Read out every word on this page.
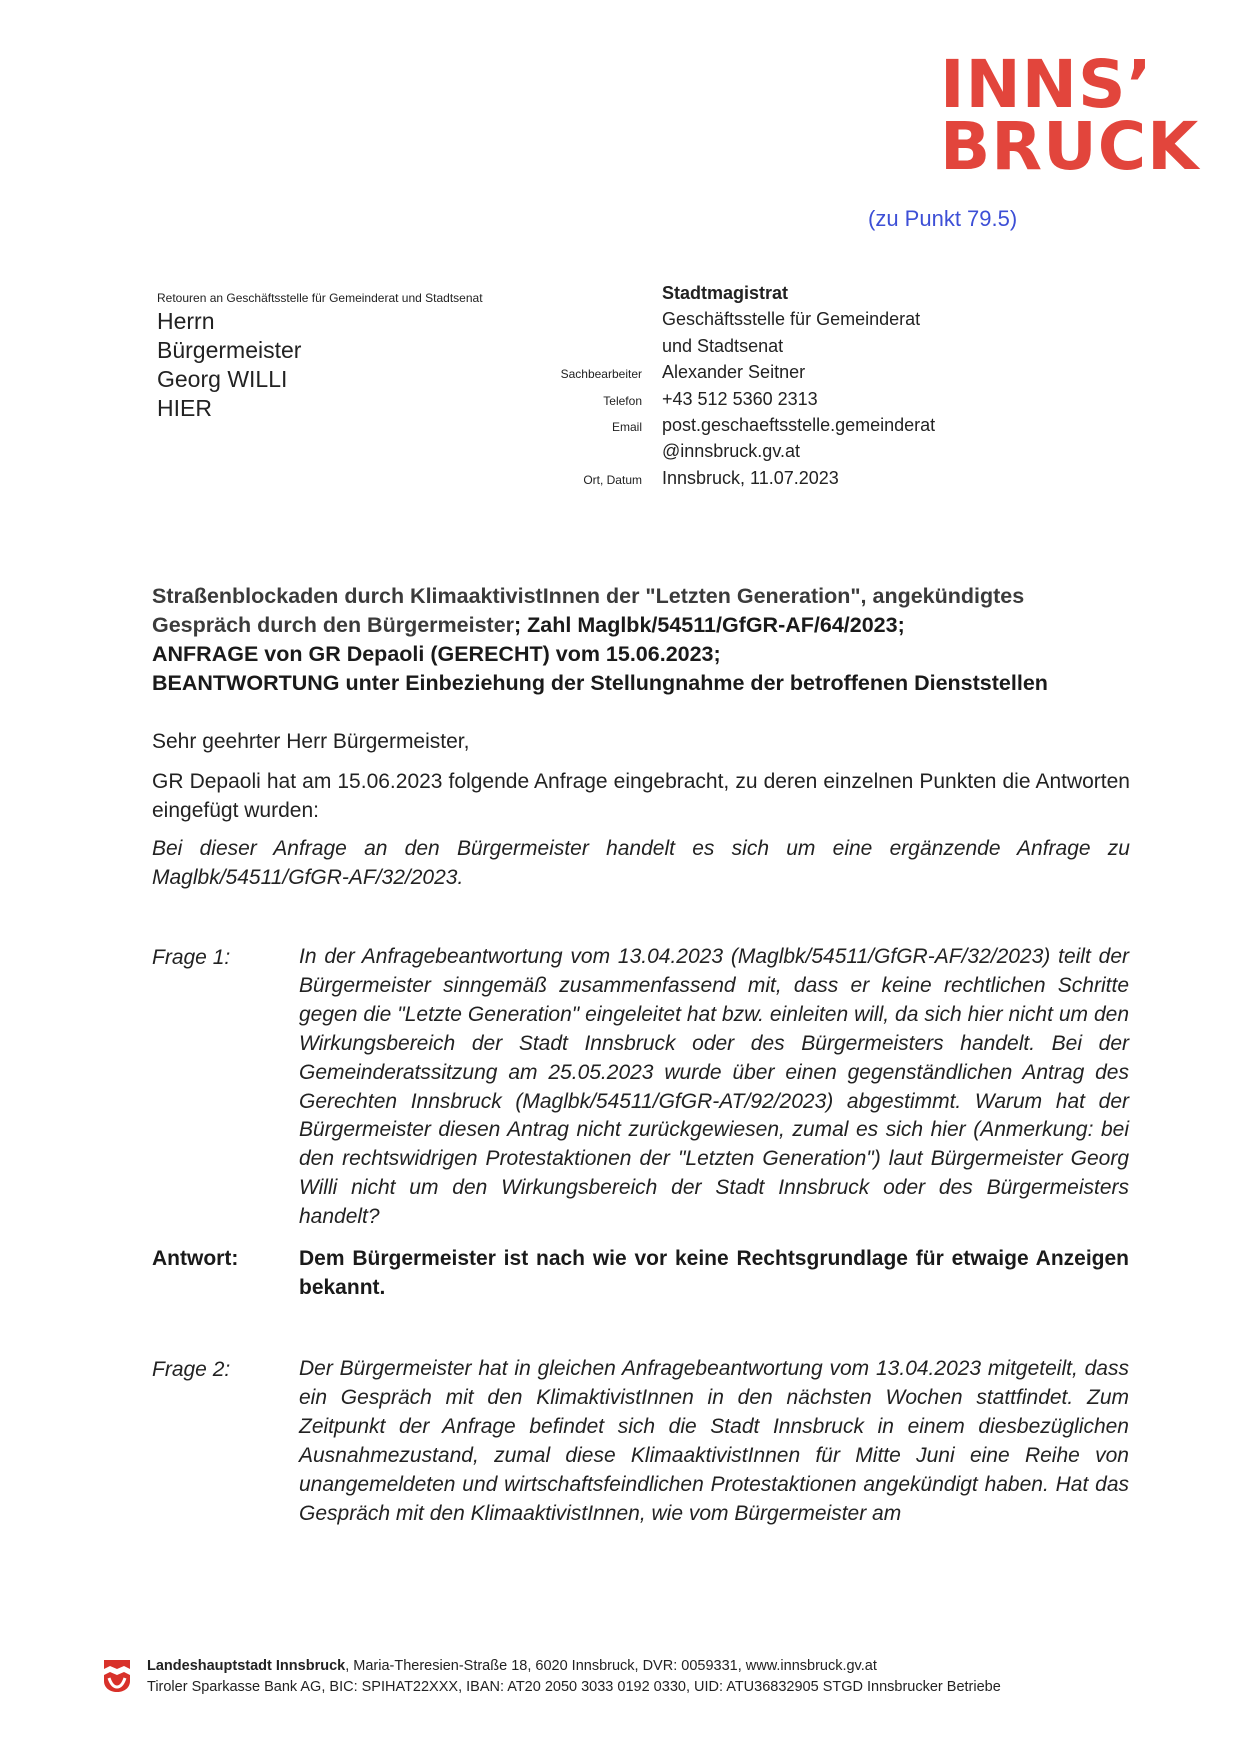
INNS’
BRUCK
(zu Punkt 79.5)
Retouren an Geschäftsstelle für Gemeinderat und Stadtsenat
Herrn
Bürgermeister
Georg WILLI
HIER
Stadtmagistrat
Geschäftsstelle für Gemeinderat
und Stadtsenat
Sachbearbeiter	Alexander Seitner
Telefon	+43 512 5360 2313
Email	post.geschaeftsstelle.gemeinderat
@innsbruck.gv.at
Ort, Datum	Innsbruck, 11.07.2023
Straßenblockaden durch KlimaaktivistInnen der "Letzten Generation", angekündigtes
Gespräch durch den Bürgermeister; Zahl Maglbk/54511/GfGR-AF/64/2023;
ANFRAGE von GR Depaoli (GERECHT) vom 15.06.2023;
BEANTWORTUNG unter Einbeziehung der Stellungnahme der betroffenen Dienststellen
Sehr geehrter Herr Bürgermeister,
GR Depaoli hat am 15.06.2023 folgende Anfrage eingebracht, zu deren einzelnen Punkten die Antworten eingefügt wurden:
Bei dieser Anfrage an den Bürgermeister handelt es sich um eine ergänzende Anfrage zu Maglbk/54511/GfGR-AF/32/2023.
Frage 1:	In der Anfragebeantwortung vom 13.04.2023 (Maglbk/54511/GfGR-AF/32/2023) teilt der Bürgermeister sinngemäß zusammenfassend mit, dass er keine rechtlichen Schritte gegen die "Letzte Generation" eingeleitet hat bzw. einleiten will, da sich hier nicht um den Wirkungsbereich der Stadt Innsbruck oder des Bürgermeisters handelt. Bei der Gemeinderatssitzung am 25.05.2023 wurde über einen gegenständlichen Antrag des Gerechten Innsbruck (Maglbk/54511/GfGR-AT/92/2023) abgestimmt. Warum hat der Bürgermeister diesen Antrag nicht zurückgewiesen, zumal es sich hier (Anmerkung: bei den rechtswidrigen Protestaktionen der "Letzten Generation") laut Bürgermeister Georg Willi nicht um den Wirkungsbereich der Stadt Innsbruck oder des Bürgermeisters handelt?
Antwort:	Dem Bürgermeister ist nach wie vor keine Rechtsgrundlage für etwaige Anzeigen bekannt.
Frage 2:	Der Bürgermeister hat in gleichen Anfragebeantwortung vom 13.04.2023 mitgeteilt, dass ein Gespräch mit den KlimaktivistInnen in den nächsten Wochen stattfindet. Zum Zeitpunkt der Anfrage befindet sich die Stadt Innsbruck in einem diesbezüglichen Ausnahmezustand, zumal diese KlimaaktivistInnen für Mitte Juni eine Reihe von unangemeldeten und wirtschaftsfeindlichen Protestaktionen angekündigt haben. Hat das Gespräch mit den KlimaaktivistInnen, wie vom Bürgermeister am
Landeshauptstadt Innsbruck, Maria-Theresien-Straße 18, 6020 Innsbruck, DVR: 0059331, www.innsbruck.gv.at
Tiroler Sparkasse Bank AG, BIC: SPIHAT22XXX, IBAN: AT20 2050 3033 0192 0330, UID: ATU36832905 STGD Innsbrucker Betriebe
